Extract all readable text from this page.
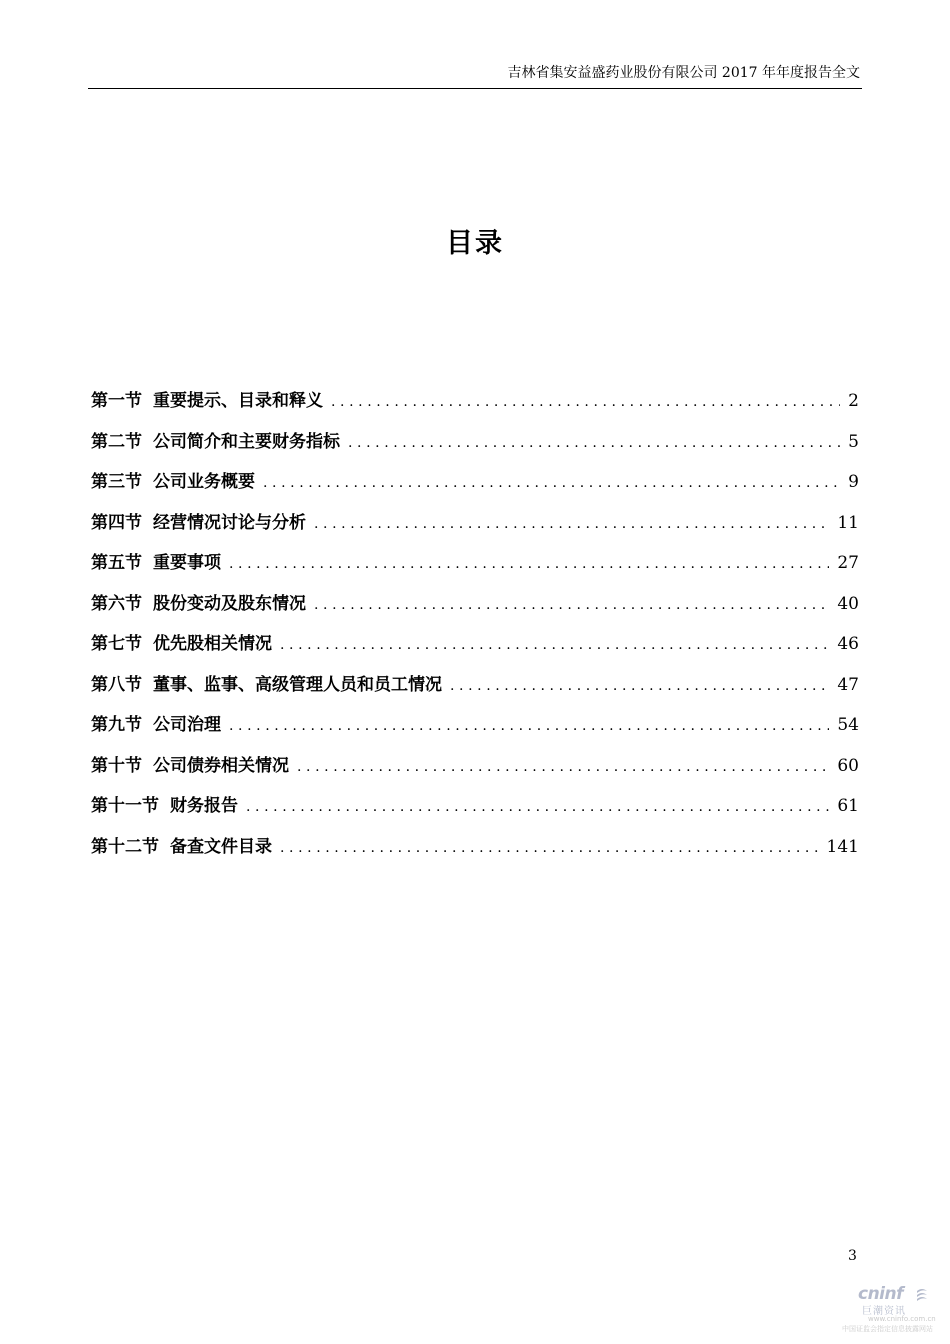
吉林省集安益盛药业股份有限公司 2017 年年度报告全文
目录
第一节 重要提示、目录和释义 .....	2
第二节 公司简介和主要财务指标 .....	5
第三节 公司业务概要 .....	9
第四节 经营情况讨论与分析 .....	11
第五节 重要事项 .....	27
第六节 股份变动及股东情况 .....	40
第七节 优先股相关情况 .....	46
第八节 董事、监事、高级管理人员和员工情况 .....	47
第九节 公司治理 .....	54
第十节 公司债券相关情况 .....	60
第十一节 财务报告 .....	61
第十二节 备查文件目录 .....	141
3
cninf
巨潮资讯
www.cninfo.com.cn
中国证监会指定信息披露网站
